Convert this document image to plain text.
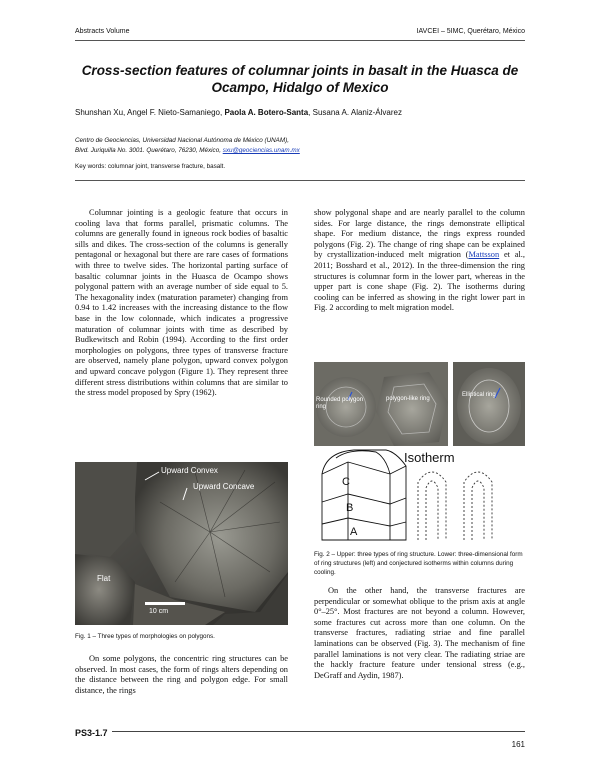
Abstracts Volume	IAVCEI – 5IMC, Querétaro, México
Cross-section features of columnar joints in basalt in the Huasca de Ocampo, Hidalgo of Mexico
Shunshan Xu, Angel F. Nieto-Samaniego, Paola A. Botero-Santa, Susana A. Alaniz-Álvarez
Centro de Geociencias, Universidad Nacional Autónoma de México (UNAM),
Blvd. Juriquilla No. 3001. Querétaro, 76230, México, sxu@geociencias.unam.mx
Key words: columnar joint, transverse fracture, basalt.

Columnar jointing is a geologic feature that occurs in cooling lava that forms parallel, prismatic columns. The columns are generally found in igneous rock bodies of basaltic sills and dikes. The cross-section of the columns is generally pentagonal or hexagonal but there are rare cases of formations with three to twelve sides. The horizontal parting surface of basaltic columnar joints in the Huasca de Ocampo shows polygonal pattern with an average number of side equal to 5. The hexagonality index (maturation parameter) changing from 0.94 to 1.42 increases with the increasing distance to the flow base in the low colonnade, which indicates a progressive maturation of columnar joints with time as described by Budkewitsch and Robin (1994). According to the first order morphologies on polygons, three types of transverse fracture are observed, namely plane polygon, upward convex polygon and upward concave polygon (Figure 1). They represent three different stress distributions within columns that are similar to the stress model proposed by Spry (1962).

Upward Convex
Upward Concave
Flat
10 cm
Fig. 1 – Three types of morphologies on polygons.

On some polygons, the concentric ring structures can be observed. In most cases, the form of rings alters depending on the distance between the ring and polygon edge. For small distance, the rings

show polygonal shape and are nearly parallel to the column sides. For large distance, the rings demonstrate elliptical shape. For medium distance, the rings express rounded polygons (Fig. 2). The change of ring shape can be explained by crystallization-induced melt migration (Mattsson et al., 2011; Bosshard et al., 2012). In the three-dimension the ring structures is columnar form in the lower part, whereas in the upper part is cone shape (Fig. 2). The isotherms during cooling can be inferred as showing in the right lower part in Fig. 2 according to melt migration model.

Rounded polygon ring
polygon-like ring
Elliptical ring
Isotherm
C
B
A
Fig. 2 – Upper: three types of ring structure. Lower: three-dimensional form of ring structures (left) and conjectured isotherms within columns during cooling.

On the other hand, the transverse fractures are perpendicular or somewhat oblique to the prism axis at angle 0°–25°. Most fractures are not beyond a column. However, some fractures cut across more than one column. On the transverse fractures, radiating striae and fine parallel laminations can be observed (Fig. 3). The mechanism of fine parallel laminations is not very clear. The radiating striae are the hackly fracture feature under tensional stress (e.g., DeGraff and Aydin, 1987).

PS3-1.7
161
